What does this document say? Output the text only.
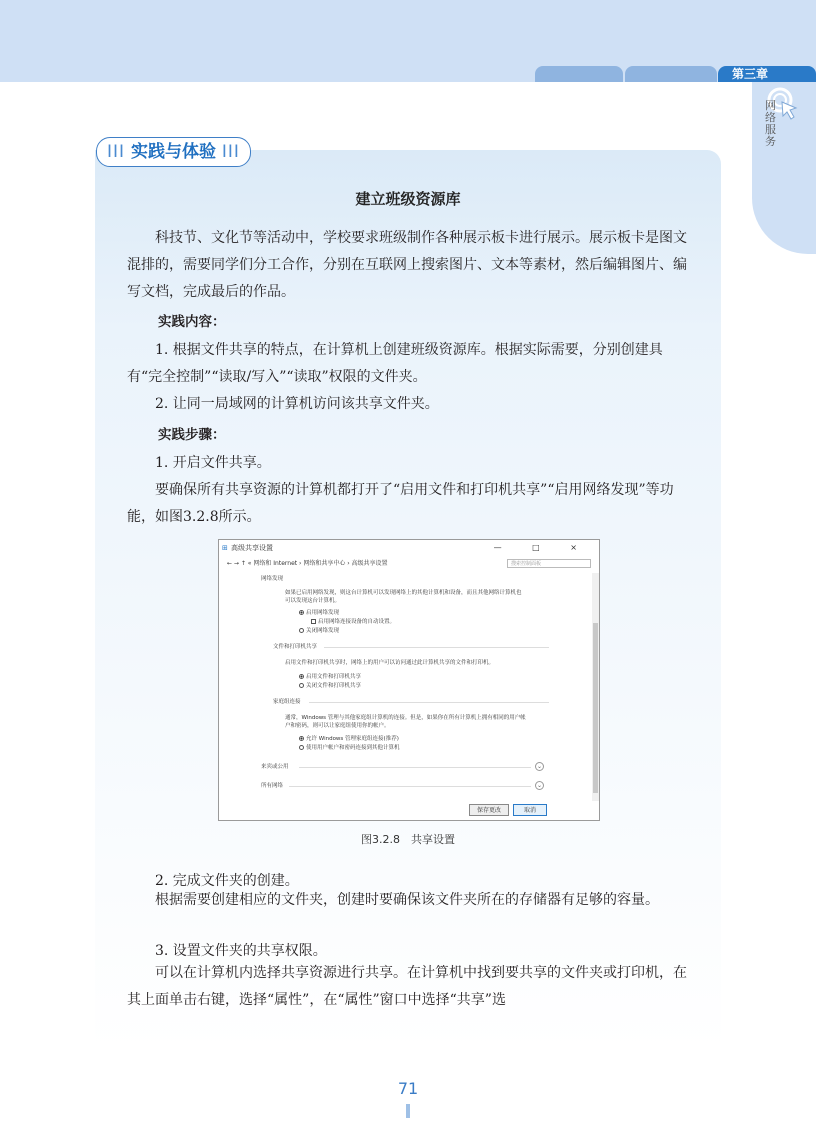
第三章
网络服务
III 实践与体验 III
建立班级资源库
科技节、文化节等活动中，学校要求班级制作各种展示板卡进行展示。展示板卡是图文混排的，需要同学们分工合作，分别在互联网上搜索图片、文本等素材，然后编辑图片、编写文档，完成最后的作品。
实践内容：
1. 根据文件共享的特点，在计算机上创建班级资源库。根据实际需要，分别创建具有“完全控制”“读取/写入”“读取”权限的文件夹。
2. 让同一局域网的计算机访问该共享文件夹。
实践步骤：
1. 开启文件共享。
要确保所有共享资源的计算机都打开了“启用文件和打印机共享”“启用网络发现”等功能，如图3.2.8所示。
⊞ 高级共享设置	— □ ×
← → ↑ « 网络和 Internet › 网络和共享中心 › 高级共享设置	搜索控制面板
网络发现
如果已启用网络发现，则这台计算机可以发现网络上的其他计算机和设备，而且其他网络计算机也
可以发现这台计算机。
启用网络发现
启用网络连接设备的自动设置。
关闭网络发现
文件和打印机共享
启用文件和打印机共享时，网络上的用户可以访问通过此计算机共享的文件和打印机。
启用文件和打印机共享
关闭文件和打印机共享
家庭组连接
通常，Windows 管理与其他家庭组计算机的连接。但是，如果你在所有计算机上拥有相同的用户帐
户和密码，则可以让家庭组使用你的帐户。
允许 Windows 管理家庭组连接(推荐)
使用用户帐户和密码连接到其他计算机
来宾或公用	⌄
所有网络	⌄
保存更改	取消
图3.2.8　共享设置
2. 完成文件夹的创建。
根据需要创建相应的文件夹，创建时要确保该文件夹所在的存储器有足够的容量。
3. 设置文件夹的共享权限。
可以在计算机内选择共享资源进行共享。在计算机中找到要共享的文件夹或打印机，在其上面单击右键，选择“属性”，在“属性”窗口中选择“共享”选
71
